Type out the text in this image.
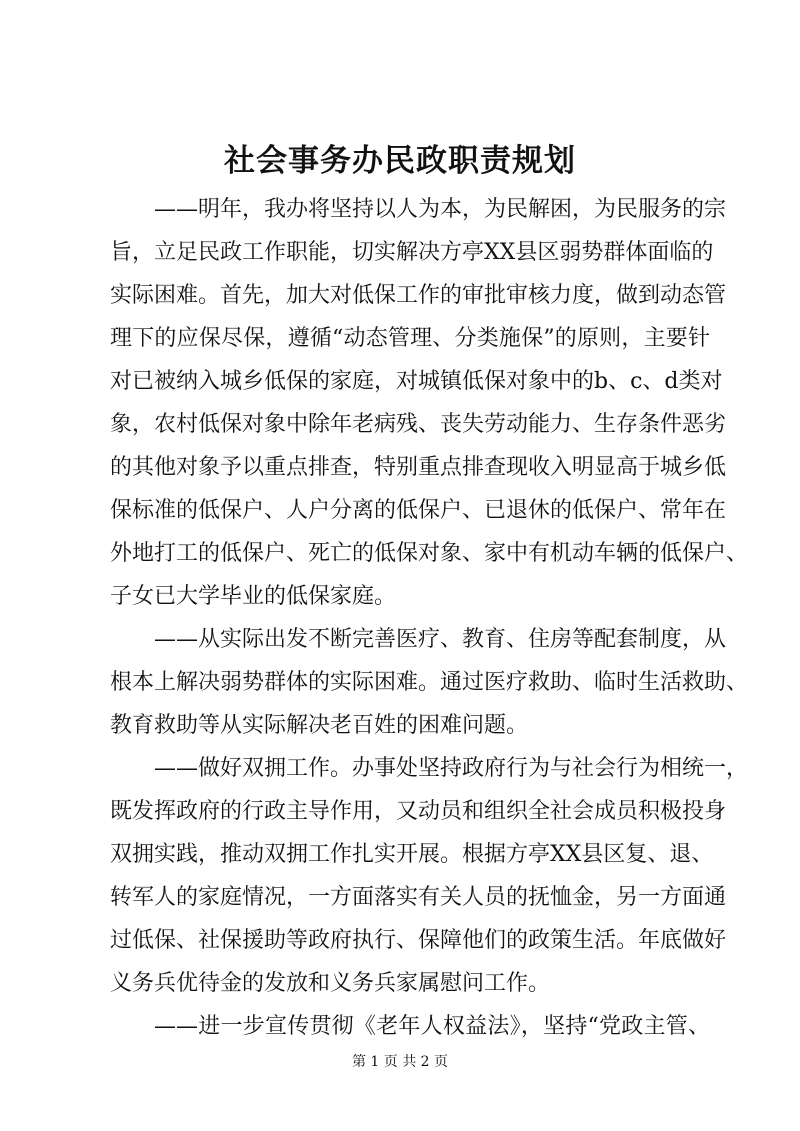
社会事务办民政职责规划
——明年，我办将坚持以人为本，为民解困，为民服务的宗
旨，立足民政工作职能，切实解决方亭XX县区弱势群体面临的
实际困难。首先，加大对低保工作的审批审核力度，做到动态管
理下的应保尽保，遵循“动态管理、分类施保”的原则，主要针
对已被纳入城乡低保的家庭，对城镇低保对象中的b、c、d类对
象，农村低保对象中除年老病残、丧失劳动能力、生存条件恶劣
的其他对象予以重点排查，特别重点排查现收入明显高于城乡低
保标准的低保户、人户分离的低保户、已退休的低保户、常年在
外地打工的低保户、死亡的低保对象、家中有机动车辆的低保户、
子女已大学毕业的低保家庭。
——从实际出发不断完善医疗、教育、住房等配套制度，从
根本上解决弱势群体的实际困难。通过医疗救助、临时生活救助、
教育救助等从实际解决老百姓的困难问题。
——做好双拥工作。办事处坚持政府行为与社会行为相统一，
既发挥政府的行政主导作用，又动员和组织全社会成员积极投身
双拥实践，推动双拥工作扎实开展。根据方亭XX县区复、退、
转军人的家庭情况，一方面落实有关人员的抚恤金，另一方面通
过低保、社保援助等政府执行、保障他们的政策生活。年底做好
义务兵优待金的发放和义务兵家属慰问工作。
——进一步宣传贯彻《老年人权益法》，坚持“党政主管、
第 1 页 共 2 页
